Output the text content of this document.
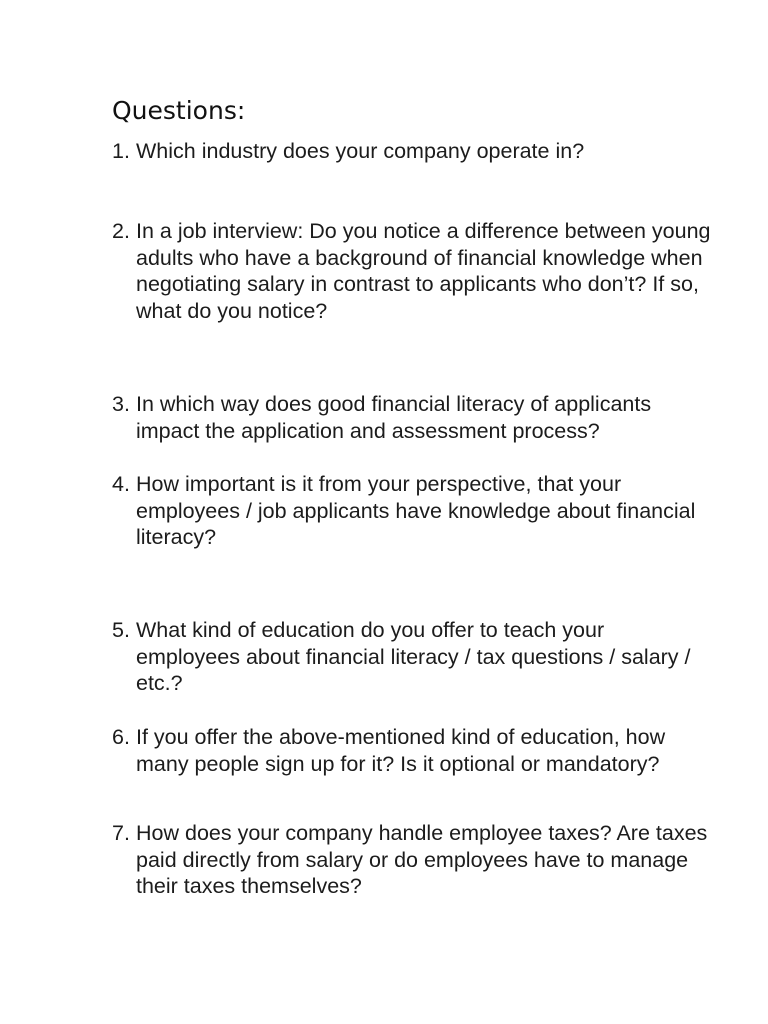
Questions:
1. Which industry does your company operate in?
2. In a job interview: Do you notice a difference between young adults who have a background of financial knowledge when negotiating salary in contrast to applicants who don’t? If so, what do you notice?
3. In which way does good financial literacy of applicants impact the application and assessment process?
4. How important is it from your perspective, that your employees / job applicants have knowledge about financial literacy?
5. What kind of education do you offer to teach your employees about financial literacy / tax questions / salary / etc.?
6. If you offer the above-mentioned kind of education, how many people sign up for it? Is it optional or mandatory?
7. How does your company handle employee taxes? Are taxes paid directly from salary or do employees have to manage their taxes themselves?
